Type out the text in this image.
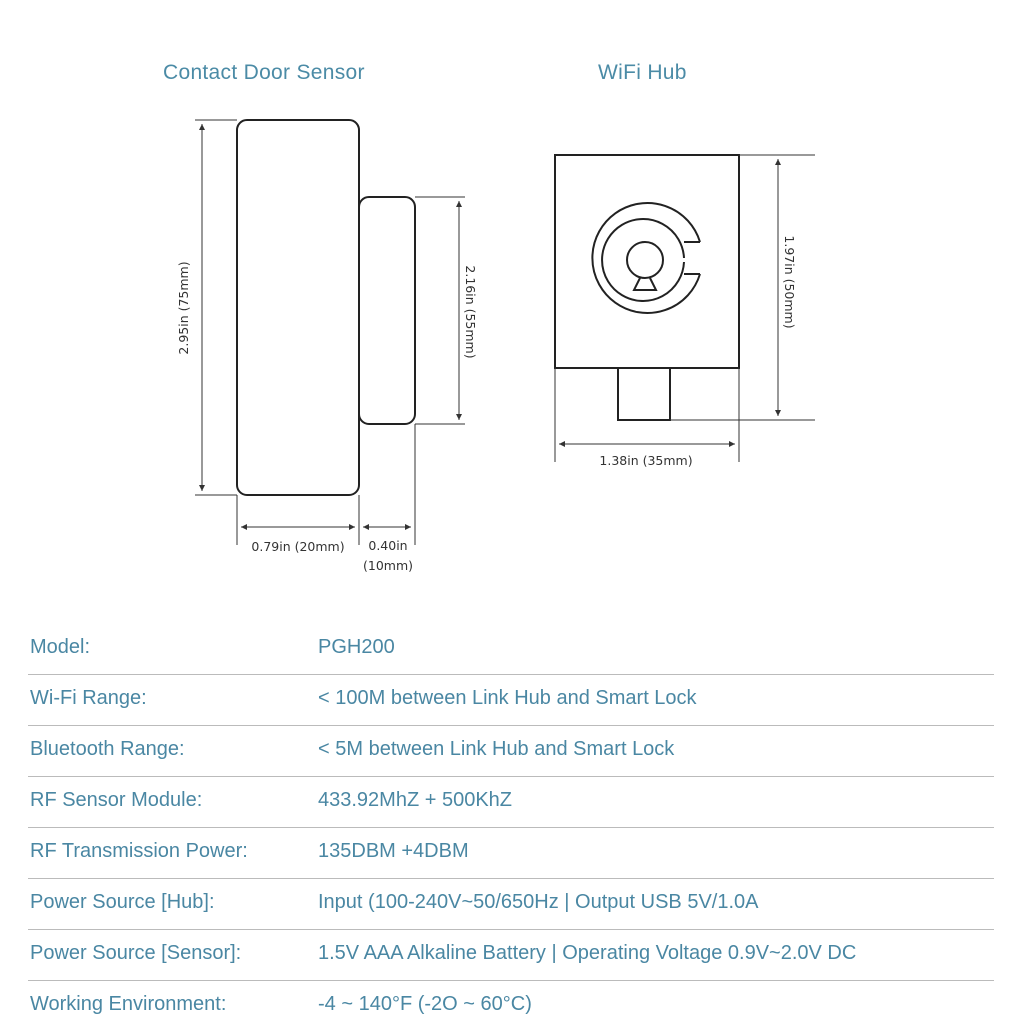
Contact Door Sensor	WiFi Hub
2.95in (75mm)	2.16in (55mm)
0.79in (20mm) 0.40in
(10mm)
1.97in (50mm)
1.38in (35mm)
Model:	PGH200
Wi-Fi Range:	< 100M between Link Hub and Smart Lock
Bluetooth Range:	< 5M between Link Hub and Smart Lock
RF Sensor Module:	433.92MhZ + 500KhZ
RF Transmission Power:	135DBM +4DBM
Power Source [Hub]:	Input (100-240V~50/650Hz | Output USB 5V/1.0A
Power Source [Sensor]:	1.5V AAA Alkaline Battery | Operating Voltage 0.9V~2.0V DC
Working Environment:	-4 ~ 140°F (-2O ~ 60°C)
